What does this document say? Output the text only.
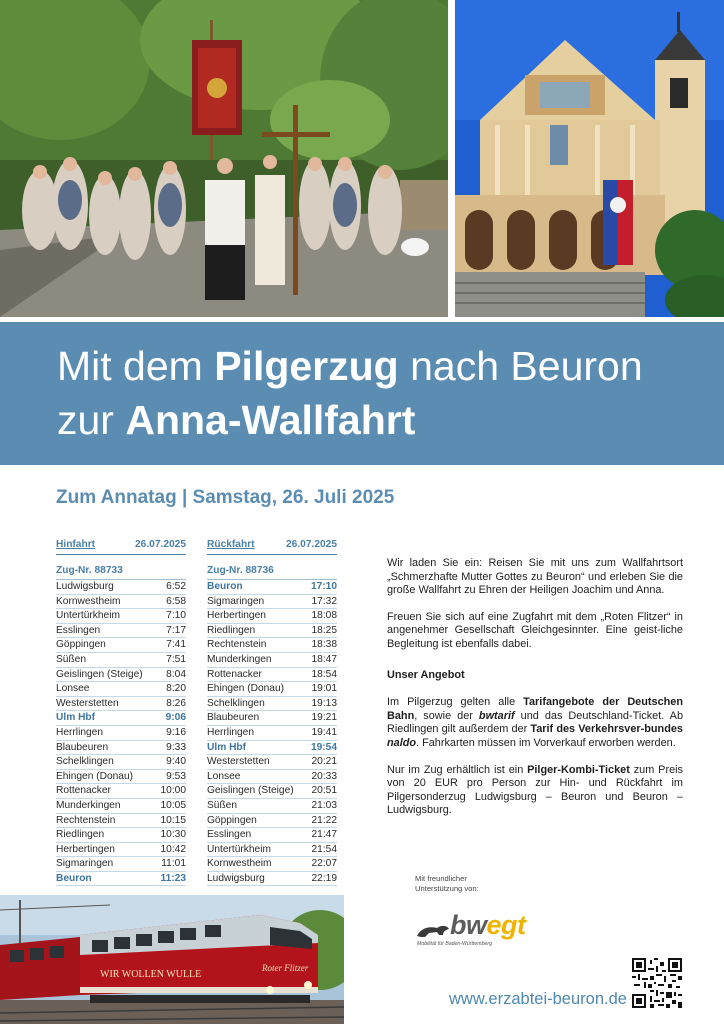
Mit dem Pilgerzug nach Beuron
zur Anna-Wallfahrt
Zum Annatag | Samstag, 26. Juli 2025
Hinfahrt	26.07.2025
Zug-Nr. 88733
Ludwigsburg	6:52
Kornwestheim	6:58
Untertürkheim	7:10
Esslingen	7:17
Göppingen	7:41
Süßen	7:51
Geislingen (Steige) 8:04
Lonsee	8:20
Westerstetten	8:26
Ulm Hbf	9:06
Herrlingen	9:16
Blaubeuren	9:33
Schelklingen	9:40
Ehingen (Donau)	9:53
Rottenacker	10:00
Munderkingen	10:05
Rechtenstein	10:15
Riedlingen	10:30
Herbertingen	10:42
Sigmaringen	11:01
Beuron	11:23
Rückfahrt	26.07.2025
Zug-Nr. 88736
Beuron	17:10
Sigmaringen	17:32
Herbertingen	18:08
Riedlingen	18:25
Rechtenstein	18:38
Munderkingen	18:47
Rottenacker	18:54
Ehingen (Donau)	19:01
Schelklingen	19:13
Blaubeuren	19:21
Herrlingen	19:41
Ulm Hbf	19:54
Westerstetten	20:21
Lonsee	20:33
Geislingen (Steige) 20:51
Süßen	21:03
Göppingen	21:22
Esslingen	21:47
Untertürkheim	21:54
Kornwestheim	22:07
Ludwigsburg	22:19

Wir laden Sie ein: Reisen Sie mit uns zum Wallfahrtsort „Schmerzhafte Mutter Gottes zu Beuron“ und erleben Sie die große Wallfahrt zu Ehren der Heiligen Joachim und Anna.

Freuen Sie sich auf eine Zugfahrt mit dem „Roten Flitzer“ in angenehmer Gesellschaft Gleichgesinnter. Eine geist-liche Begleitung ist ebenfalls dabei.

Unser Angebot

Im Pilgerzug gelten alle Tarifangebote der Deutschen Bahn, sowie der bwtarif und das Deutschland-Ticket. Ab Riedlingen gilt außerdem der Tarif des Verkehrsver-bundes naldo. Fahrkarten müssen im Vorverkauf erworben werden.

Nur im Zug erhältlich ist ein Pilger-Kombi-Ticket zum Preis von 20 EUR pro Person zur Hin- und Rückfahrt im Pilgersonderzug Ludwigsburg – Beuron und Beuron – Ludwigsburg.

Mit freundlicher
Unterstützung von:
bwegt
Mobilität für Baden-Württemberg
www.erzabtei-beuron.de
WIR WOLLEN WULLE
Roter Flitzer
